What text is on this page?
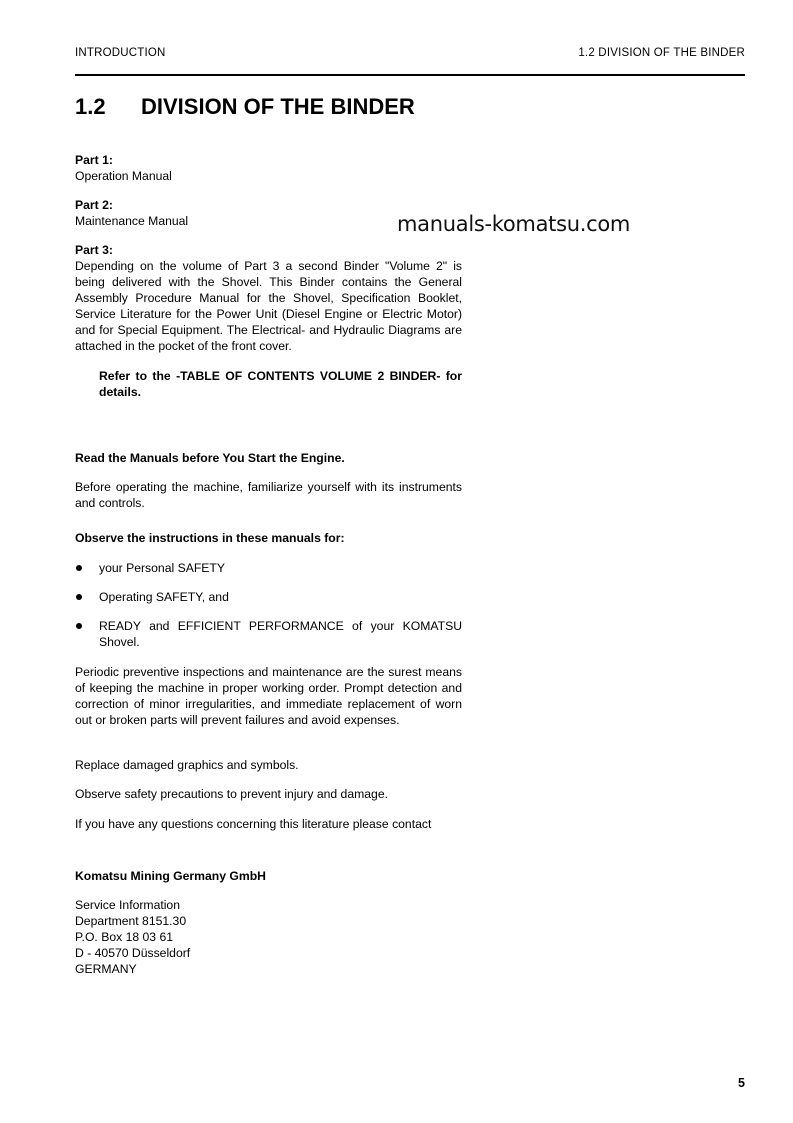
INTRODUCTION	1.2 DIVISION OF THE BINDER
1.2 DIVISION OF THE BINDER
manuals-komatsu.com
Part 1:
Operation Manual
Part 2:
Maintenance Manual
Part 3:
Depending on the volume of Part 3 a second Binder "Volume 2" is being delivered with the Shovel. This Binder contains the General Assembly Procedure Manual for the Shovel, Specification Booklet, Service Literature for the Power Unit (Diesel Engine or Electric Motor) and for Special Equipment. The Electrical- and Hydraulic Diagrams are attached in the pocket of the front cover.
Refer to the -TABLE OF CONTENTS VOLUME 2 BINDER- for details.
Read the Manuals before You Start the Engine.
Before operating the machine, familiarize yourself with its instruments and controls.
Observe the instructions in these manuals for:
your Personal SAFETY
Operating SAFETY, and
READY and EFFICIENT PERFORMANCE of your KOMATSU Shovel.
Periodic preventive inspections and maintenance are the surest means of keeping the machine in proper working order. Prompt detection and correction of minor irregularities, and immediate replacement of worn out or broken parts will prevent failures and avoid expenses.
Replace damaged graphics and symbols.
Observe safety precautions to prevent injury and damage.
If you have any questions concerning this literature please contact
Komatsu Mining Germany GmbH
Service Information
Department 8151.30
P.O. Box 18 03 61
D - 40570 Düsseldorf
GERMANY
5
